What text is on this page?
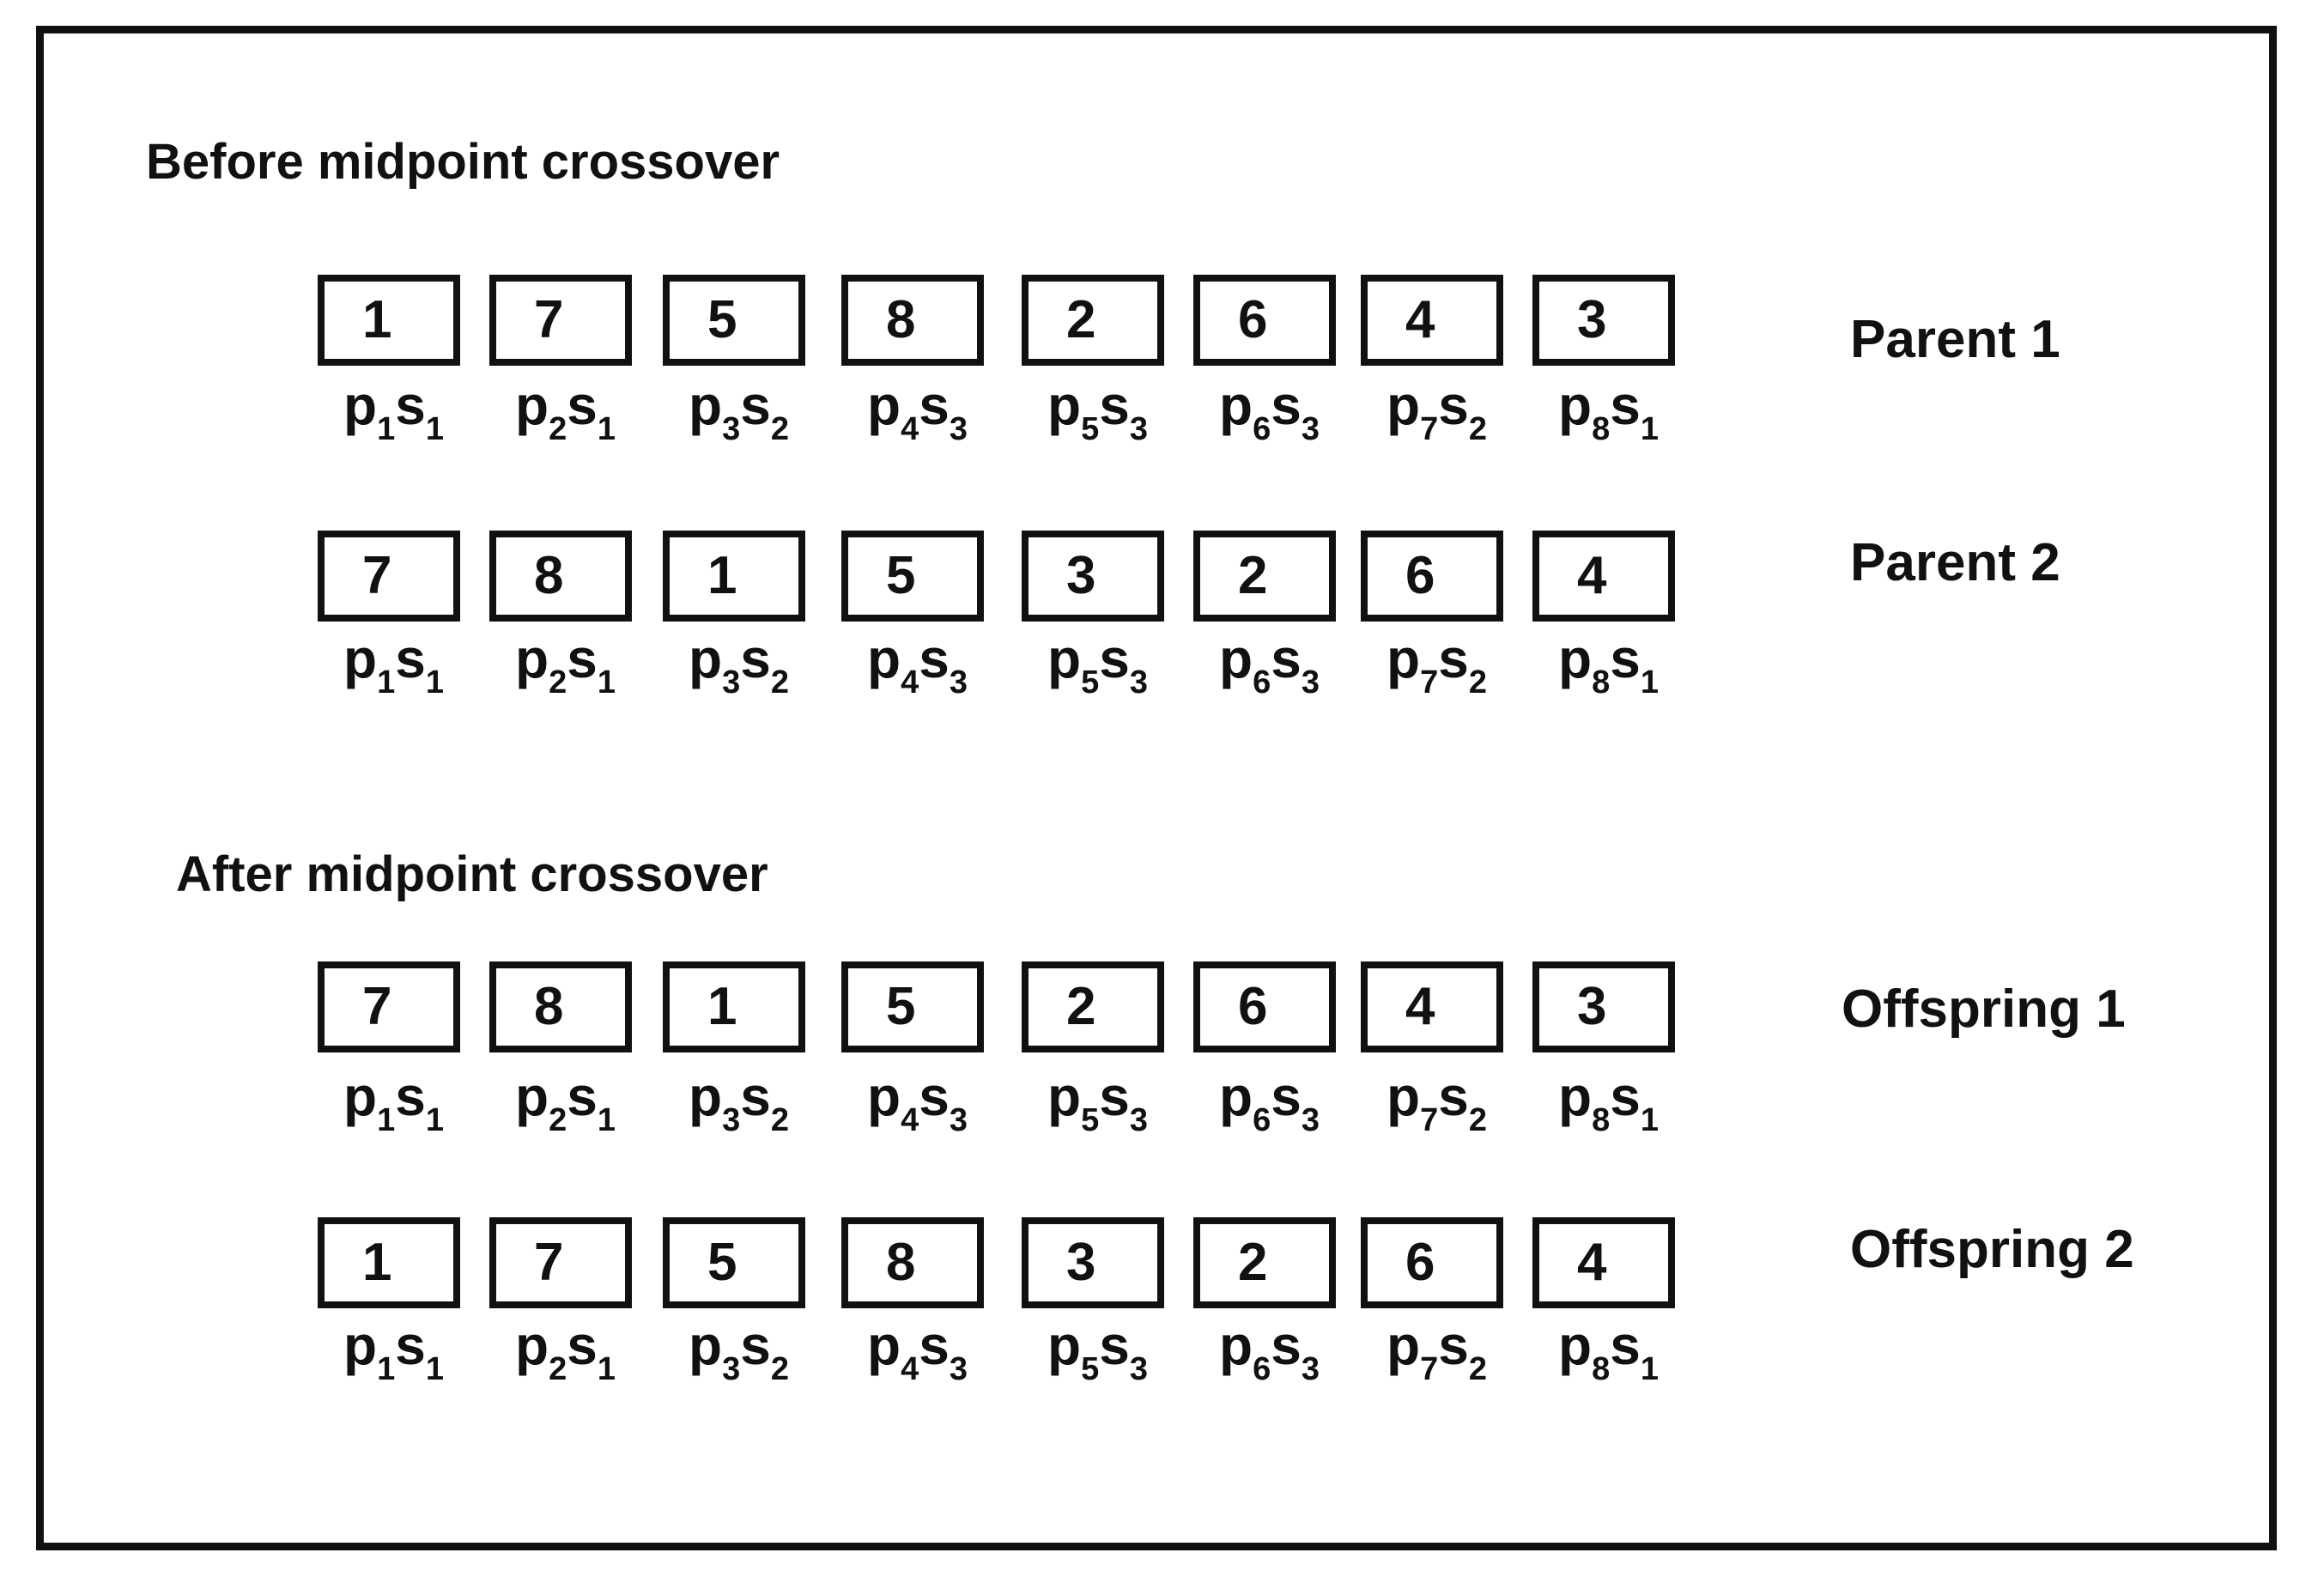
Before midpoint crossover
After midpoint crossover
Parent 1
Parent 2
Offspring 1
Offspring 2
1
$p_1s_1$
7
$p_2s_1$
5
$p_3s_2$
8
$p_4s_3$
2
$p_5s_3$
6
$p_6s_3$
4
$p_7s_2$
3
$p_8s_1$
7
$p_1s_1$
8
$p_2s_1$
1
$p_3s_2$
5
$p_4s_3$
3
$p_5s_3$
2
$p_6s_3$
6
$p_7s_2$
4
$p_8s_1$
7
$p_1s_1$
8
$p_2s_1$
1
$p_3s_2$
5
$p_4s_3$
2
$p_5s_3$
6
$p_6s_3$
4
$p_7s_2$
3
$p_8s_1$
1
$p_1s_1$
7
$p_2s_1$
5
$p_3s_2$
8
$p_4s_3$
3
$p_5s_3$
2
$p_6s_3$
6
$p_7s_2$
4
$p_8s_1$
